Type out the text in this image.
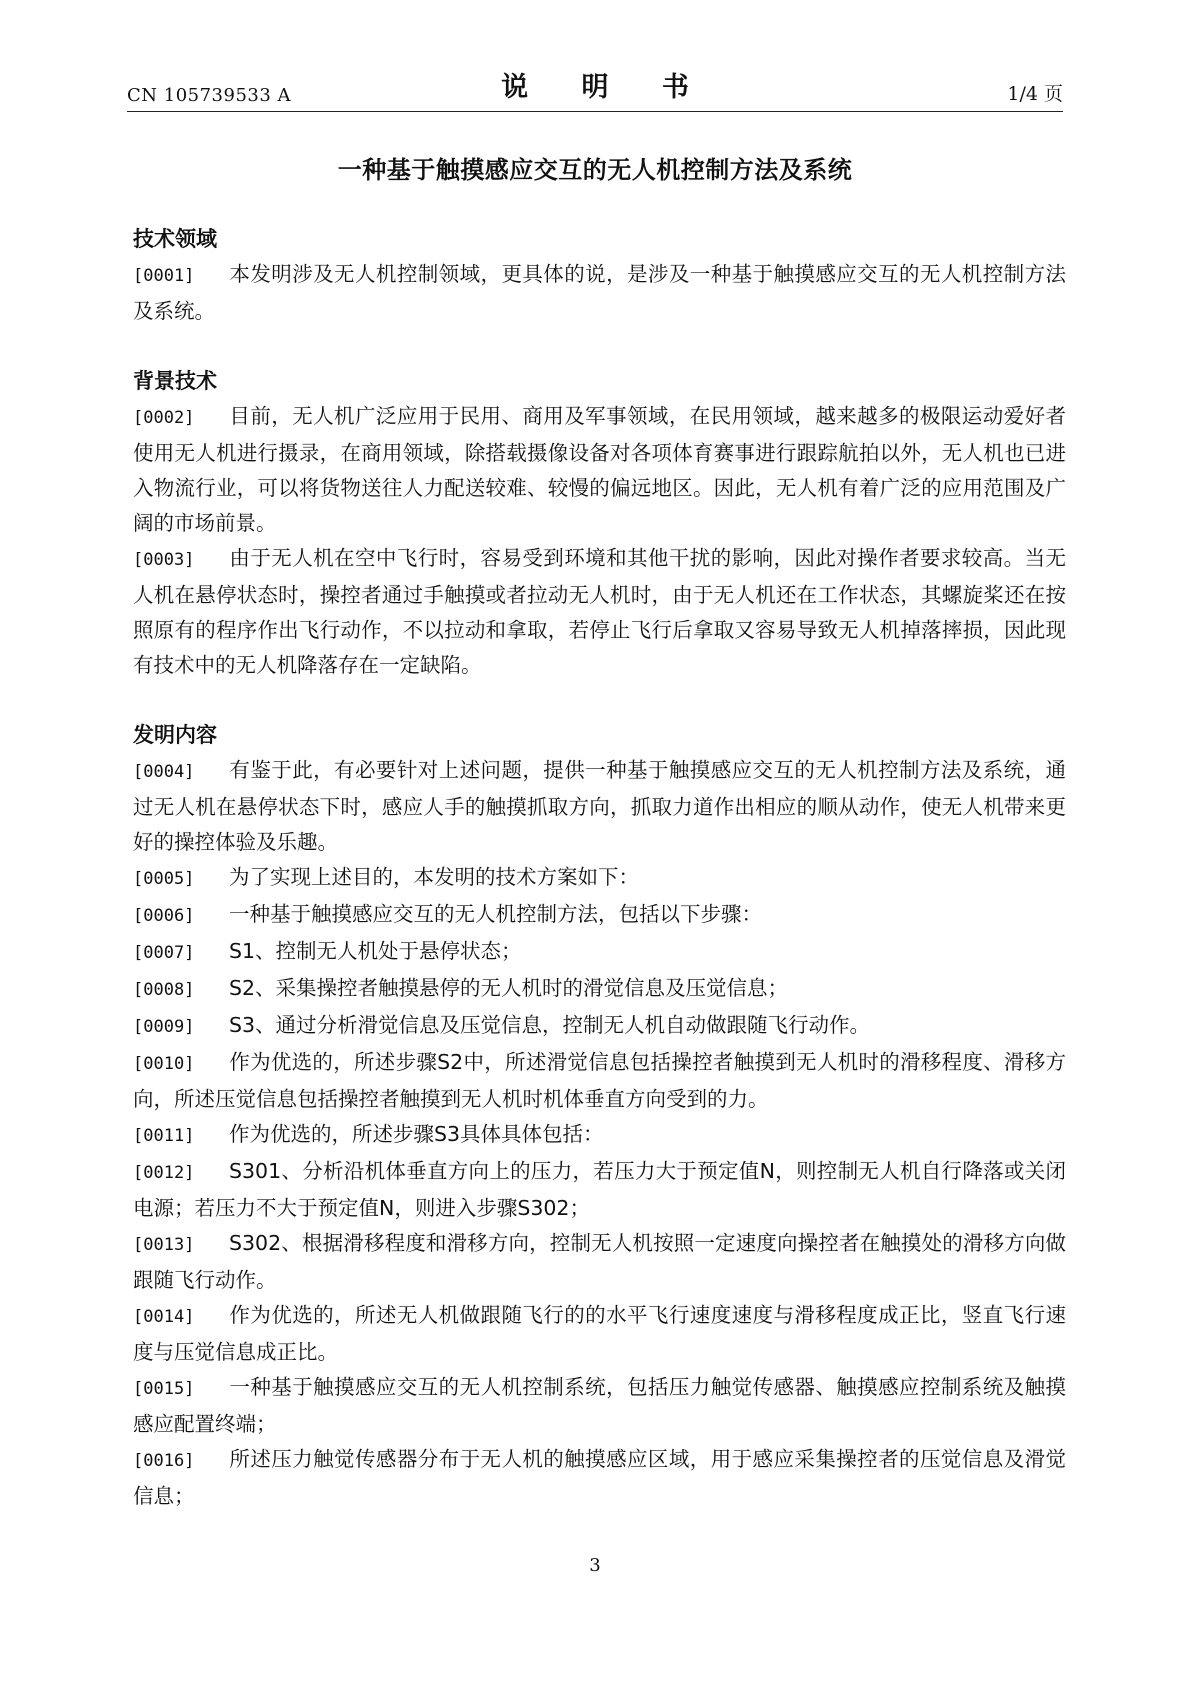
CN 105739533 A	说 明 书	1/4 页
一种基于触摸感应交互的无人机控制方法及系统
技术领域

[0001] 本发明涉及无人机控制领域，更具体的说，是涉及一种基于触摸感应交互的无人机控制方法及系统。

背景技术

[0002] 目前，无人机广泛应用于民用、商用及军事领域，在民用领域，越来越多的极限运动爱好者使用无人机进行摄录，在商用领域，除搭载摄像设备对各项体育赛事进行跟踪航拍以外，无人机也已进入物流行业，可以将货物送往人力配送较难、较慢的偏远地区。因此，无人机有着广泛的应用范围及广阔的市场前景。

[0003] 由于无人机在空中飞行时，容易受到环境和其他干扰的影响，因此对操作者要求较高。当无人机在悬停状态时，操控者通过手触摸或者拉动无人机时，由于无人机还在工作状态，其螺旋桨还在按照原有的程序作出飞行动作，不以拉动和拿取，若停止飞行后拿取又容易导致无人机掉落摔损，因此现有技术中的无人机降落存在一定缺陷。

发明内容

[0004] 有鉴于此，有必要针对上述问题，提供一种基于触摸感应交互的无人机控制方法及系统，通过无人机在悬停状态下时，感应人手的触摸抓取方向，抓取力道作出相应的顺从动作，使无人机带来更好的操控体验及乐趣。

[0005] 为了实现上述目的，本发明的技术方案如下：

[0006] 一种基于触摸感应交互的无人机控制方法，包括以下步骤：

[0007] S1、控制无人机处于悬停状态；

[0008] S2、采集操控者触摸悬停的无人机时的滑觉信息及压觉信息；

[0009] S3、通过分析滑觉信息及压觉信息，控制无人机自动做跟随飞行动作。

[0010] 作为优选的，所述步骤S2中，所述滑觉信息包括操控者触摸到无人机时的滑移程度、滑移方向，所述压觉信息包括操控者触摸到无人机时机体垂直方向受到的力。

[0011] 作为优选的，所述步骤S3具体具体包括：

[0012] S301、分析沿机体垂直方向上的压力，若压力大于预定值N，则控制无人机自行降落或关闭电源；若压力不大于预定值N，则进入步骤S302；

[0013] S302、根据滑移程度和滑移方向，控制无人机按照一定速度向操控者在触摸处的滑移方向做跟随飞行动作。

[0014] 作为优选的，所述无人机做跟随飞行的的水平飞行速度速度与滑移程度成正比，竖直飞行速度与压觉信息成正比。

[0015] 一种基于触摸感应交互的无人机控制系统，包括压力触觉传感器、触摸感应控制系统及触摸感应配置终端；

[0016] 所述压力触觉传感器分布于无人机的触摸感应区域，用于感应采集操控者的压觉信息及滑觉信息；

3
